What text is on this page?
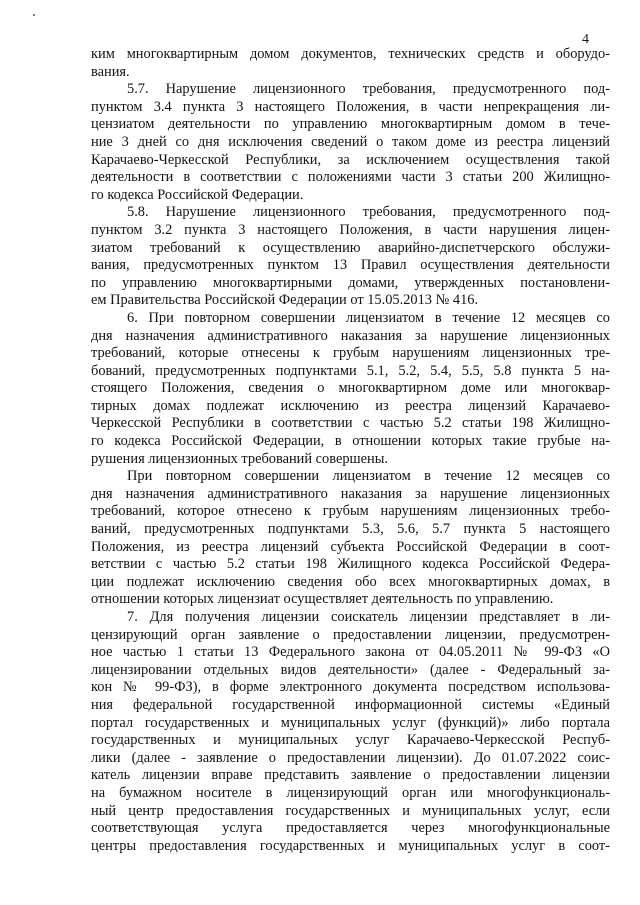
4
ким многоквартирным домом документов, технических средств и оборудо-
вания.
5.7. Нарушение лицензионного требования, предусмотренного под-
пунктом 3.4 пункта 3 настоящего Положения, в части непрекращения ли-
цензиатом деятельности по управлению многоквартирным домом в тече-
ние 3 дней со дня исключения сведений о таком доме из реестра лицензий
Карачаево-Черкесской Республики, за исключением осуществления такой
деятельности в соответствии с положениями части 3 статьи 200 Жилищно-
го кодекса Российской Федерации.
5.8. Нарушение лицензионного требования, предусмотренного под-
пунктом 3.2 пункта 3 настоящего Положения, в части нарушения лицен-
зиатом требований к осуществлению аварийно-диспетчерского обслужи-
вания, предусмотренных пунктом 13 Правил осуществления деятельности
по управлению многоквартирными домами, утвержденных постановлени-
ем Правительства Российской Федерации от 15.05.2013 № 416.
6. При повторном совершении лицензиатом в течение 12 месяцев со
дня назначения административного наказания за нарушение лицензионных
требований, которые отнесены к грубым нарушениям лицензионных тре-
бований, предусмотренных подпунктами 5.1, 5.2, 5.4, 5.5, 5.8 пункта 5 на-
стоящего Положения, сведения о многоквартирном доме или многоквар-
тирных домах подлежат исключению из реестра лицензий Карачаево-
Черкесской Республики в соответствии с частью 5.2 статьи 198 Жилищно-
го кодекса Российской Федерации, в отношении которых такие грубые на-
рушения лицензионных требований совершены.
При повторном совершении лицензиатом в течение 12 месяцев со
дня назначения административного наказания за нарушение лицензионных
требований, которое отнесено к грубым нарушениям лицензионных требо-
ваний, предусмотренных подпунктами 5.3, 5.6, 5.7 пункта 5 настоящего
Положения, из реестра лицензий субъекта Российской Федерации в соот-
ветствии с частью 5.2 статьи 198 Жилищного кодекса Российской Федера-
ции подлежат исключению сведения обо всех многоквартирных домах, в
отношении которых лицензиат осуществляет деятельность по управлению.
7. Для получения лицензии соискатель лицензии представляет в ли-
цензирующий орган заявление о предоставлении лицензии, предусмотрен-
ное частью 1 статьи 13 Федерального закона от 04.05.2011 № 99-ФЗ «О
лицензировании отдельных видов деятельности» (далее - Федеральный за-
кон № 99-ФЗ), в форме электронного документа посредством использова-
ния федеральной государственной информационной системы «Единый
портал государственных и муниципальных услуг (функций)» либо портала
государственных и муниципальных услуг Карачаево-Черкесской Респуб-
лики (далее - заявление о предоставлении лицензии). До 01.07.2022 соис-
катель лицензии вправе представить заявление о предоставлении лицензии
на бумажном носителе в лицензирующий орган или многофункциональ-
ный центр предоставления государственных и муниципальных услуг, если
соответствующая услуга предоставляется через многофункциональные
центры предоставления государственных и муниципальных услуг в соот-
